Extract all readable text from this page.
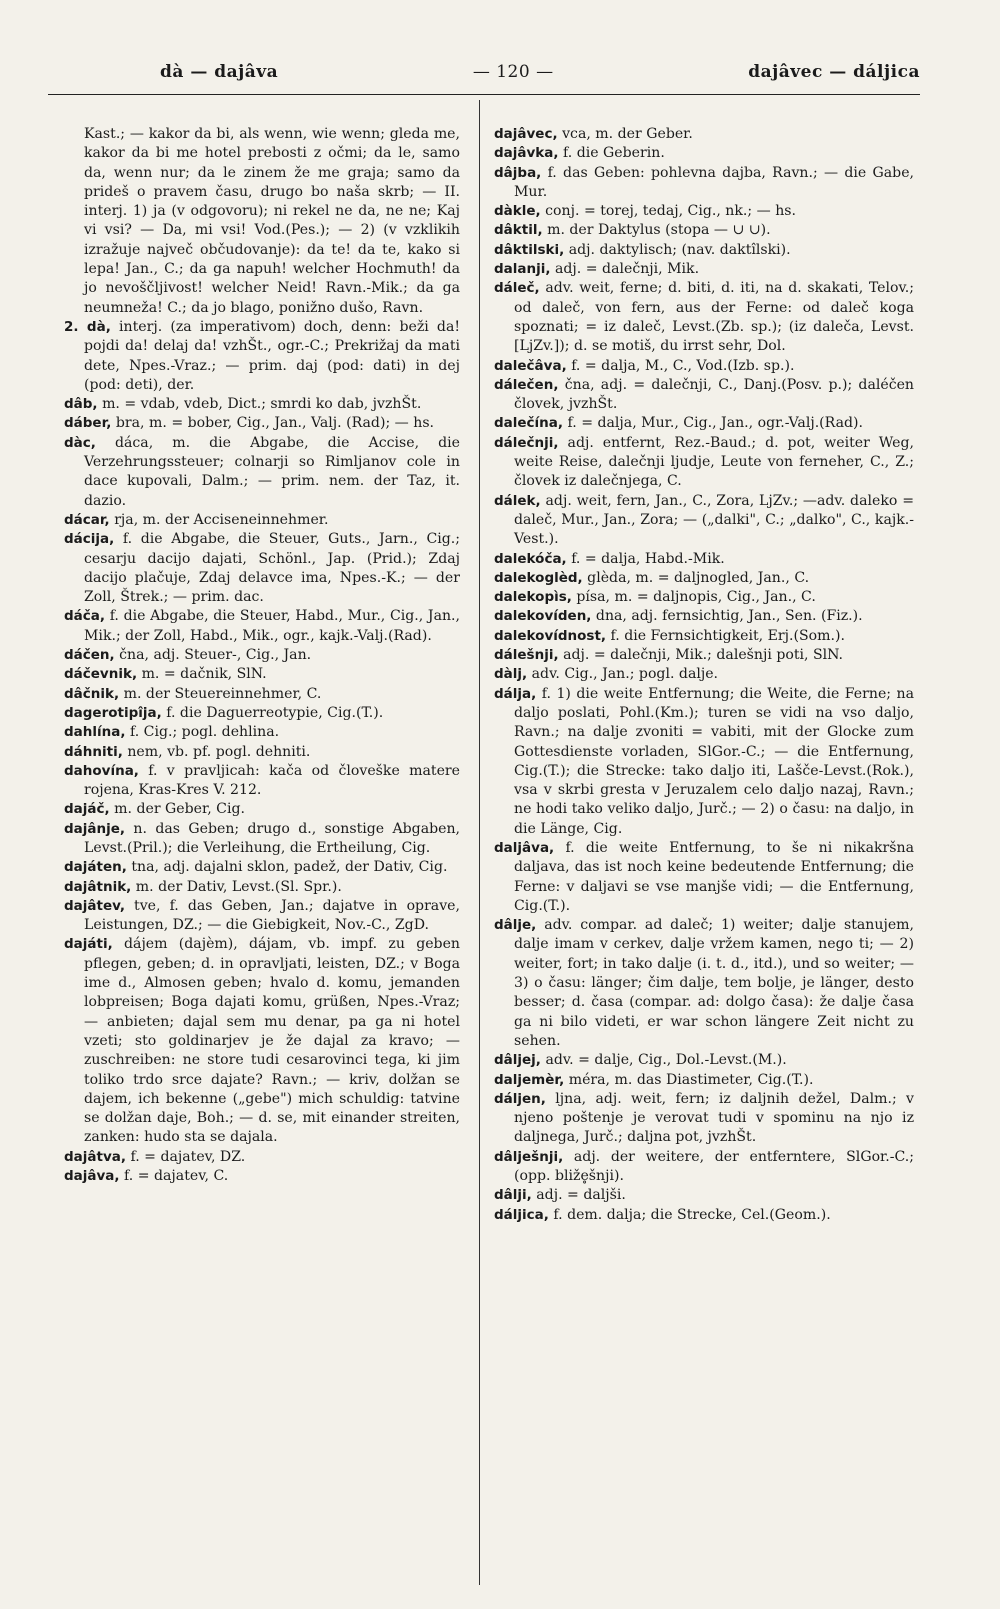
dà — dajâva	— 120 —	dajâvec — dáljica

Kast.; — kakor da bi, als wenn, wie wenn; gleda me, kakor da bi me hotel prebosti z očmi; da le, samo da, wenn nur; da le zinem že me graja; samo da prideš o pravem času, drugo bo naša skrb; — II. interj. 1) ja (v odgovoru); ni rekel ne da, ne ne; Kaj vi vsi? — Da, mi vsi! Vod.(Pes.); — 2) (v vzklikih izražuje največ občudovanje): da te! da te, kako si lepa! Jan., C.; da ga napuh! welcher Hochmuth! da jo nevoščljivost! welcher Neid! Ravn.-Mik.; da ga neumneža! C.; da jo blago, ponižno dušo, Ravn.

2. dà, interj. (za imperativom) doch, denn: beži da! pojdi da! delaj da! vzhŠt., ogr.-C.; Prekrižaj da mati dete, Npes.-Vraz.; — prim. daj (pod: dati) in dej (pod: deti), der.

dâb, m. = vdab, vdeb, Dict.; smrdi ko dab, jvzhŠt.

dáber, bra, m. = bober, Cig., Jan., Valj. (Rad); — hs.

dàc, dáca, m. die Abgabe, die Accise, die Verzehrungssteuer; colnarji so Rimljanov cole in dace kupovali, Dalm.; — prim. nem. der Taz, it. dazio.

dácar, rja, m. der Acciseneinnehmer.

dácija, f. die Abgabe, die Steuer, Guts., Jarn., Cig.; cesarju dacijo dajati, Schönl., Jap. (Prid.); Zdaj dacijo plačuje, Zdaj delavce ima, Npes.-K.; — der Zoll, Štrek.; — prim. dac.

dáča, f. die Abgabe, die Steuer, Habd., Mur., Cig., Jan., Mik.; der Zoll, Habd., Mik., ogr., kajk.-Valj.(Rad).

dáčen, čna, adj. Steuer-, Cig., Jan.

dáčevnik, m. = dačnik, SlN.

dâčnik, m. der Steuereinnehmer, C.

dagerotipîja, f. die Daguerreotypie, Cig.(T.).

dahlína, f. Cig.; pogl. dehlina.

dáhniti, nem, vb. pf. pogl. dehniti.

dahovína, f. v pravljicah: kača od človeške matere rojena, Kras-Kres V. 212.

dajáč, m. der Geber, Cig.

dajânje, n. das Geben; drugo d., sonstige Abgaben, Levst.(Pril.); die Verleihung, die Ertheilung, Cig.

dajáten, tna, adj. dajalni sklon, padež, der Dativ, Cig.

dajâtnik, m. der Dativ, Levst.(Sl. Spr.).

dajâtev, tve, f. das Geben, Jan.; dajatve in oprave, Leistungen, DZ.; — die Giebigkeit, Nov.-C., ZgD.

dajáti, dájem (dajèm), dájam, vb. impf. zu geben pflegen, geben; d. in opravljati, leisten, DZ.; v Boga ime d., Almosen geben; hvalo d. komu, jemanden lobpreisen; Boga dajati komu, grüßen, Npes.-Vraz; — anbieten; dajal sem mu denar, pa ga ni hotel vzeti; sto goldinarjev je že dajal za kravo; — zuschreiben: ne store tudi cesarovinci tega, ki jim toliko trdo srce dajate? Ravn.; — kriv, dolžan se dajem, ich bekenne („gebe") mich schuldig: tatvine se dolžan daje, Boh.; — d. se, mit einander streiten, zanken: hudo sta se dajala.

dajâtva, f. = dajatev, DZ.

dajâva, f. = dajatev, C.

dajâvec, vca, m. der Geber.

dajâvka, f. die Geberin.

dâjba, f. das Geben: pohlevna dajba, Ravn.; — die Gabe, Mur.

dàkle, conj. = torej, tedaj, Cig., nk.; — hs.

dâktil, m. der Daktylus (stopa — ∪ ∪).

dâktilski, adj. daktylisch; (nav. daktîlski).

dalanji, adj. = dalečnji, Mik.

dáleč, adv. weit, ferne; d. biti, d. iti, na d. skakati, Telov.; od daleč, von fern, aus der Ferne: od daleč koga spoznati; = iz daleč, Levst.(Zb. sp.); (iz daleča, Levst.[LjZv.]); d. se motiš, du irrst sehr, Dol.

dalečâva, f. = dalja, M., C., Vod.(Izb. sp.).

dálečen, čna, adj. = dalečnji, C., Danj.(Posv. p.); daléčen človek, jvzhŠt.

dalečína, f. = dalja, Mur., Cig., Jan., ogr.-Valj.(Rad).

dálečnji, adj. entfernt, Rez.-Baud.; d. pot, weiter Weg, weite Reise, dalečnji ljudje, Leute von ferneher, C., Z.; človek iz dalečnjega, C.

dálek, adj. weit, fern, Jan., C., Zora, LjZv.; —adv. daleko = daleč, Mur., Jan., Zora; — („dalki", C.; „dalko", C., kajk.-Vest.).

dalekóča, f. = dalja, Habd.-Mik.

dalekoglèd, glèda, m. = daljnogled, Jan., C.

dalekopìs, písa, m. = daljnopis, Cig., Jan., C.

dalekovíden, dna, adj. fernsichtig, Jan., Sen. (Fiz.).

dalekovídnost, f. die Fernsichtigkeit, Erj.(Som.).

dálešnji, adj. = dalečnji, Mik.; dalešnji poti, SlN.

dàlj, adv. Cig., Jan.; pogl. dalje.

dálja, f. 1) die weite Entfernung; die Weite, die Ferne; na daljo poslati, Pohl.(Km.); turen se vidi na vso daljo, Ravn.; na dalje zvoniti = vabiti, mit der Glocke zum Gottesdienste vorladen, SlGor.-C.; — die Entfernung, Cig.(T.); die Strecke: tako daljo iti, Lašče-Levst.(Rok.), vsa v skrbi gresta v Jeruzalem celo daljo nazaj, Ravn.; ne hodi tako veliko daljo, Jurč.; — 2) o času: na daljo, in die Länge, Cig.

daljâva, f. die weite Entfernung, to še ni nikakršna daljava, das ist noch keine bedeutende Entfernung; die Ferne: v daljavi se vse manjše vidi; — die Entfernung, Cig.(T.).

dâlje, adv. compar. ad daleč; 1) weiter; dalje stanujem, dalje imam v cerkev, dalje vržem kamen, nego ti; — 2) weiter, fort; in tako dalje (i. t. d., itd.), und so weiter; — 3) o času: länger; čim dalje, tem bolje, je länger, desto besser; d. časa (compar. ad: dolgo časa): že dalje časa ga ni bilo videti, er war schon längere Zeit nicht zu sehen.

dâljej, adv. = dalje, Cig., Dol.-Levst.(M.).

daljemèr, méra, m. das Diastimeter, Cig.(T.).

dáljen, ljna, adj. weit, fern; iz daljnih dežel, Dalm.; v njeno poštenje je verovat tudi v spominu na njo iz daljnega, Jurč.; daljna pot, jvzhŠt.

dâlješnji, adj. der weitere, der entferntere, SlGor.-C.; (opp. bliže̥šnji).

dâlji, adj. = daljši.

dáljica, f. dem. dalja; die Strecke, Cel.(Geom.).
